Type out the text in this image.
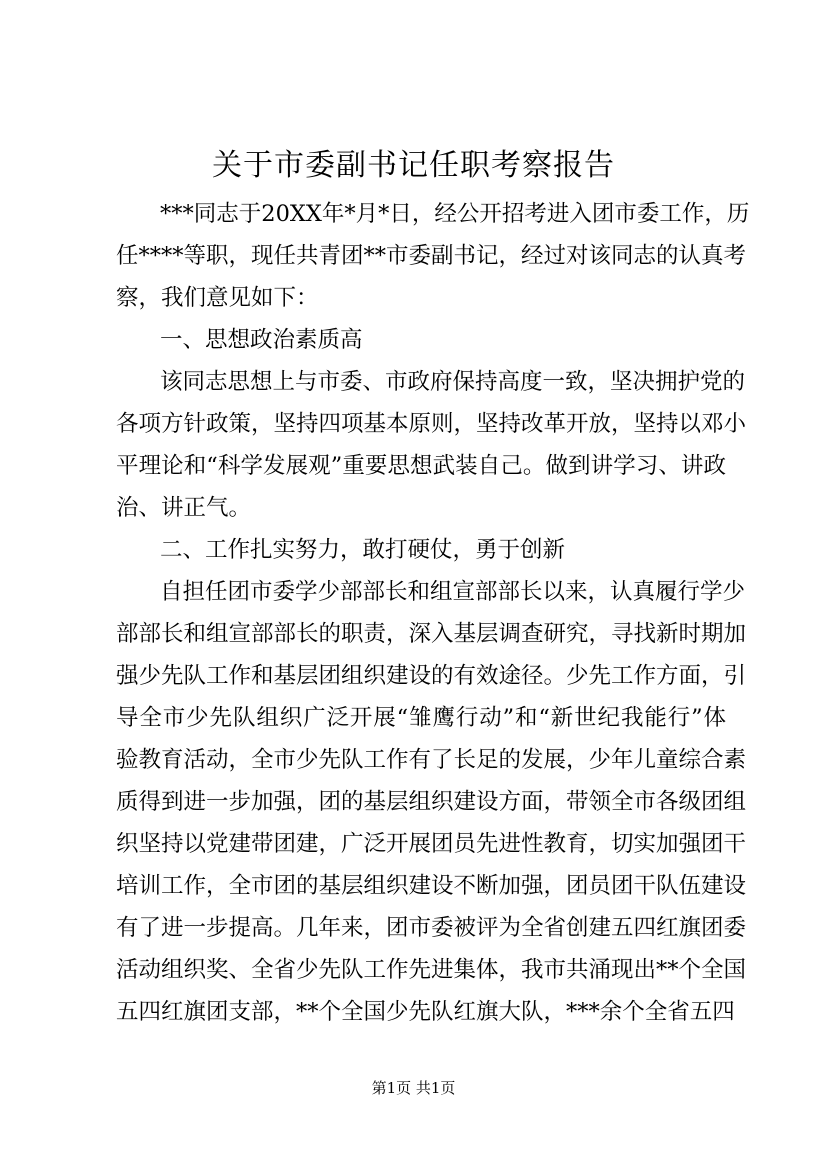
关于市委副书记任职考察报告
***同志于20XX年*月*日，经公开招考进入团市委工作，历
任****等职，现任共青团**市委副书记，经过对该同志的认真考
察，我们意见如下：
一、思想政治素质高
该同志思想上与市委、市政府保持高度一致，坚决拥护党的
各项方针政策，坚持四项基本原则，坚持改革开放，坚持以邓小
平理论和“科学发展观”重要思想武装自己。做到讲学习、讲政
治、讲正气。
二、工作扎实努力，敢打硬仗，勇于创新
自担任团市委学少部部长和组宣部部长以来，认真履行学少
部部长和组宣部部长的职责，深入基层调查研究，寻找新时期加
强少先队工作和基层团组织建设的有效途径。少先工作方面，引
导全市少先队组织广泛开展“雏鹰行动”和“新世纪我能行”体
验教育活动，全市少先队工作有了长足的发展，少年儿童综合素
质得到进一步加强，团的基层组织建设方面，带领全市各级团组
织坚持以党建带团建，广泛开展团员先进性教育，切实加强团干
培训工作，全市团的基层组织建设不断加强，团员团干队伍建设
有了进一步提高。几年来，团市委被评为全省创建五四红旗团委
活动组织奖、全省少先队工作先进集体，我市共涌现出**个全国
五四红旗团支部，**个全国少先队红旗大队，***余个全省五四
第1页 共1页
